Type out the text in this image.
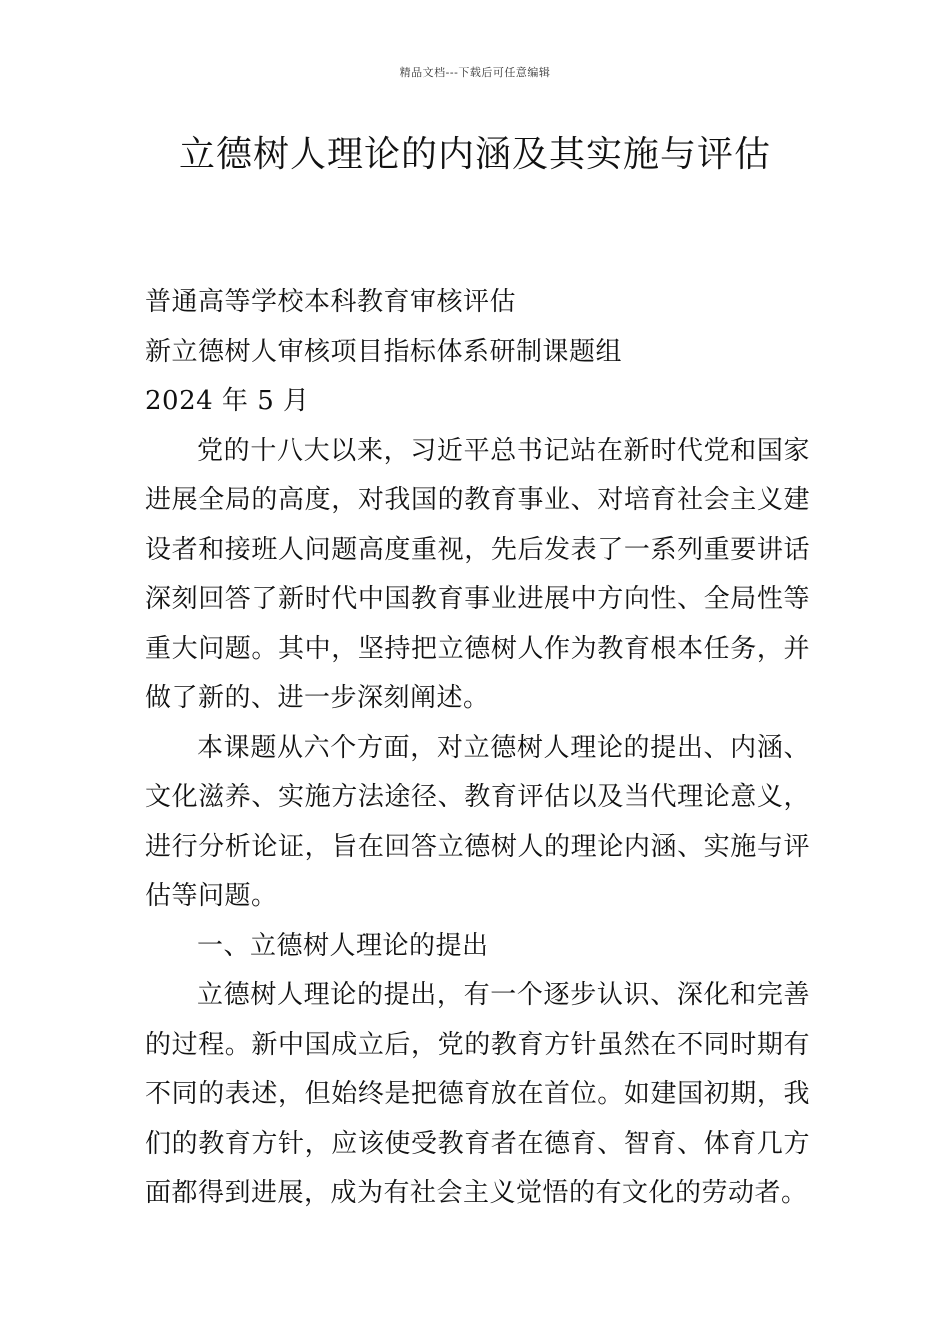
精品文档---下载后可任意编辑
立德树人理论的内涵及其实施与评估
普通高等学校本科教育审核评估
新立德树人审核项目指标体系研制课题组
2024 年 5 月

党的十八大以来，习近平总书记站在新时代党和国家进展全局的高度，对我国的教育事业、对培育社会主义建设者和接班人问题高度重视，先后发表了一系列重要讲话深刻回答了新时代中国教育事业进展中方向性、全局性等重大问题。其中，坚持把立德树人作为教育根本任务，并做了新的、进一步深刻阐述。

本课题从六个方面，对立德树人理论的提出、内涵、文化滋养、实施方法途径、教育评估以及当代理论意义，进行分析论证，旨在回答立德树人的理论内涵、实施与评估等问题。

一、立德树人理论的提出

立德树人理论的提出，有一个逐步认识、深化和完善的过程。新中国成立后，党的教育方针虽然在不同时期有不同的表述，但始终是把德育放在首位。如建国初期，我们的教育方针，应该使受教育者在德育、智育、体育几方面都得到进展，成为有社会主义觉悟的有文化的劳动者。
